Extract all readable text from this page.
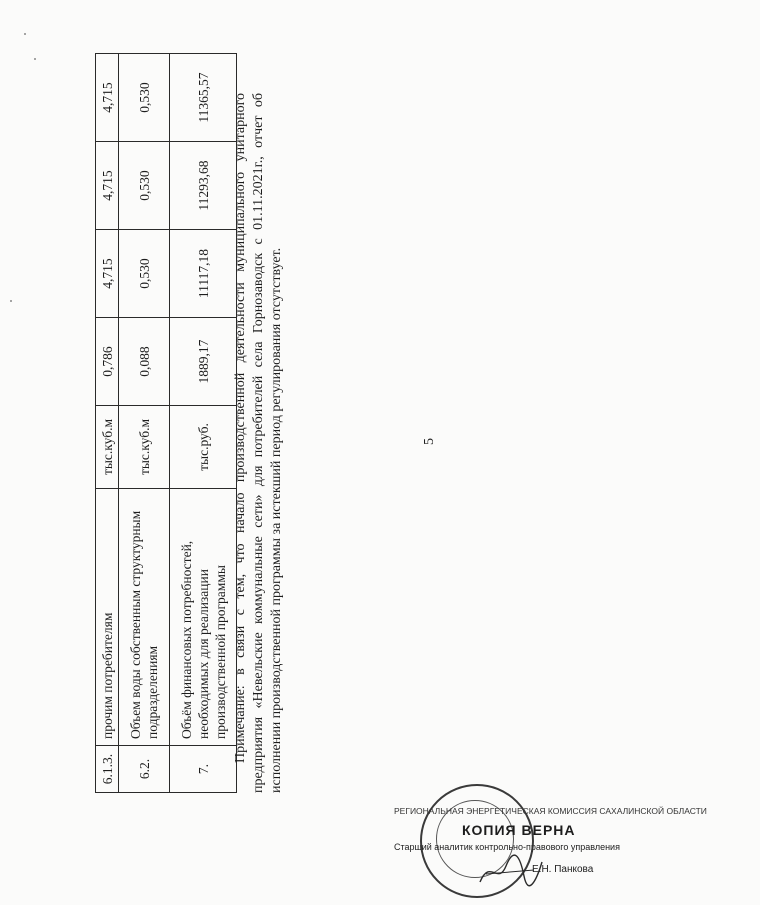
5
6.1.3.	прочим потребителям	тыс.куб.м	0,786	4,715	4,715	4,715
6.2.	Объем воды собственным структурным подразделениям	тыс.куб.м	0,088	0,530	0,530	0,530
7.	Объём финансовых потребностей, необходимых для реализации производственной программы	тыс.руб.	1889,17	11117,18	11293,68	11365,57 Примечание: в связи с тем, что начало производственной деятельности муниципального унитарного предприятия «Невельские коммунальные сети» для потребителей села Горнозаводск с 01.11.2021г., отчет об исполнении производственной программы за истекший период регулирования отсутствует.

РЕГИОНАЛЬНАЯ ЭНЕРГЕТИЧЕСКАЯ КОМИССИЯ САХАЛИНСКОЙ ОБЛАСТИ
КОПИЯ ВЕРНА
Старший аналитик контрольно-правового управления
Е.Н. Панкова
